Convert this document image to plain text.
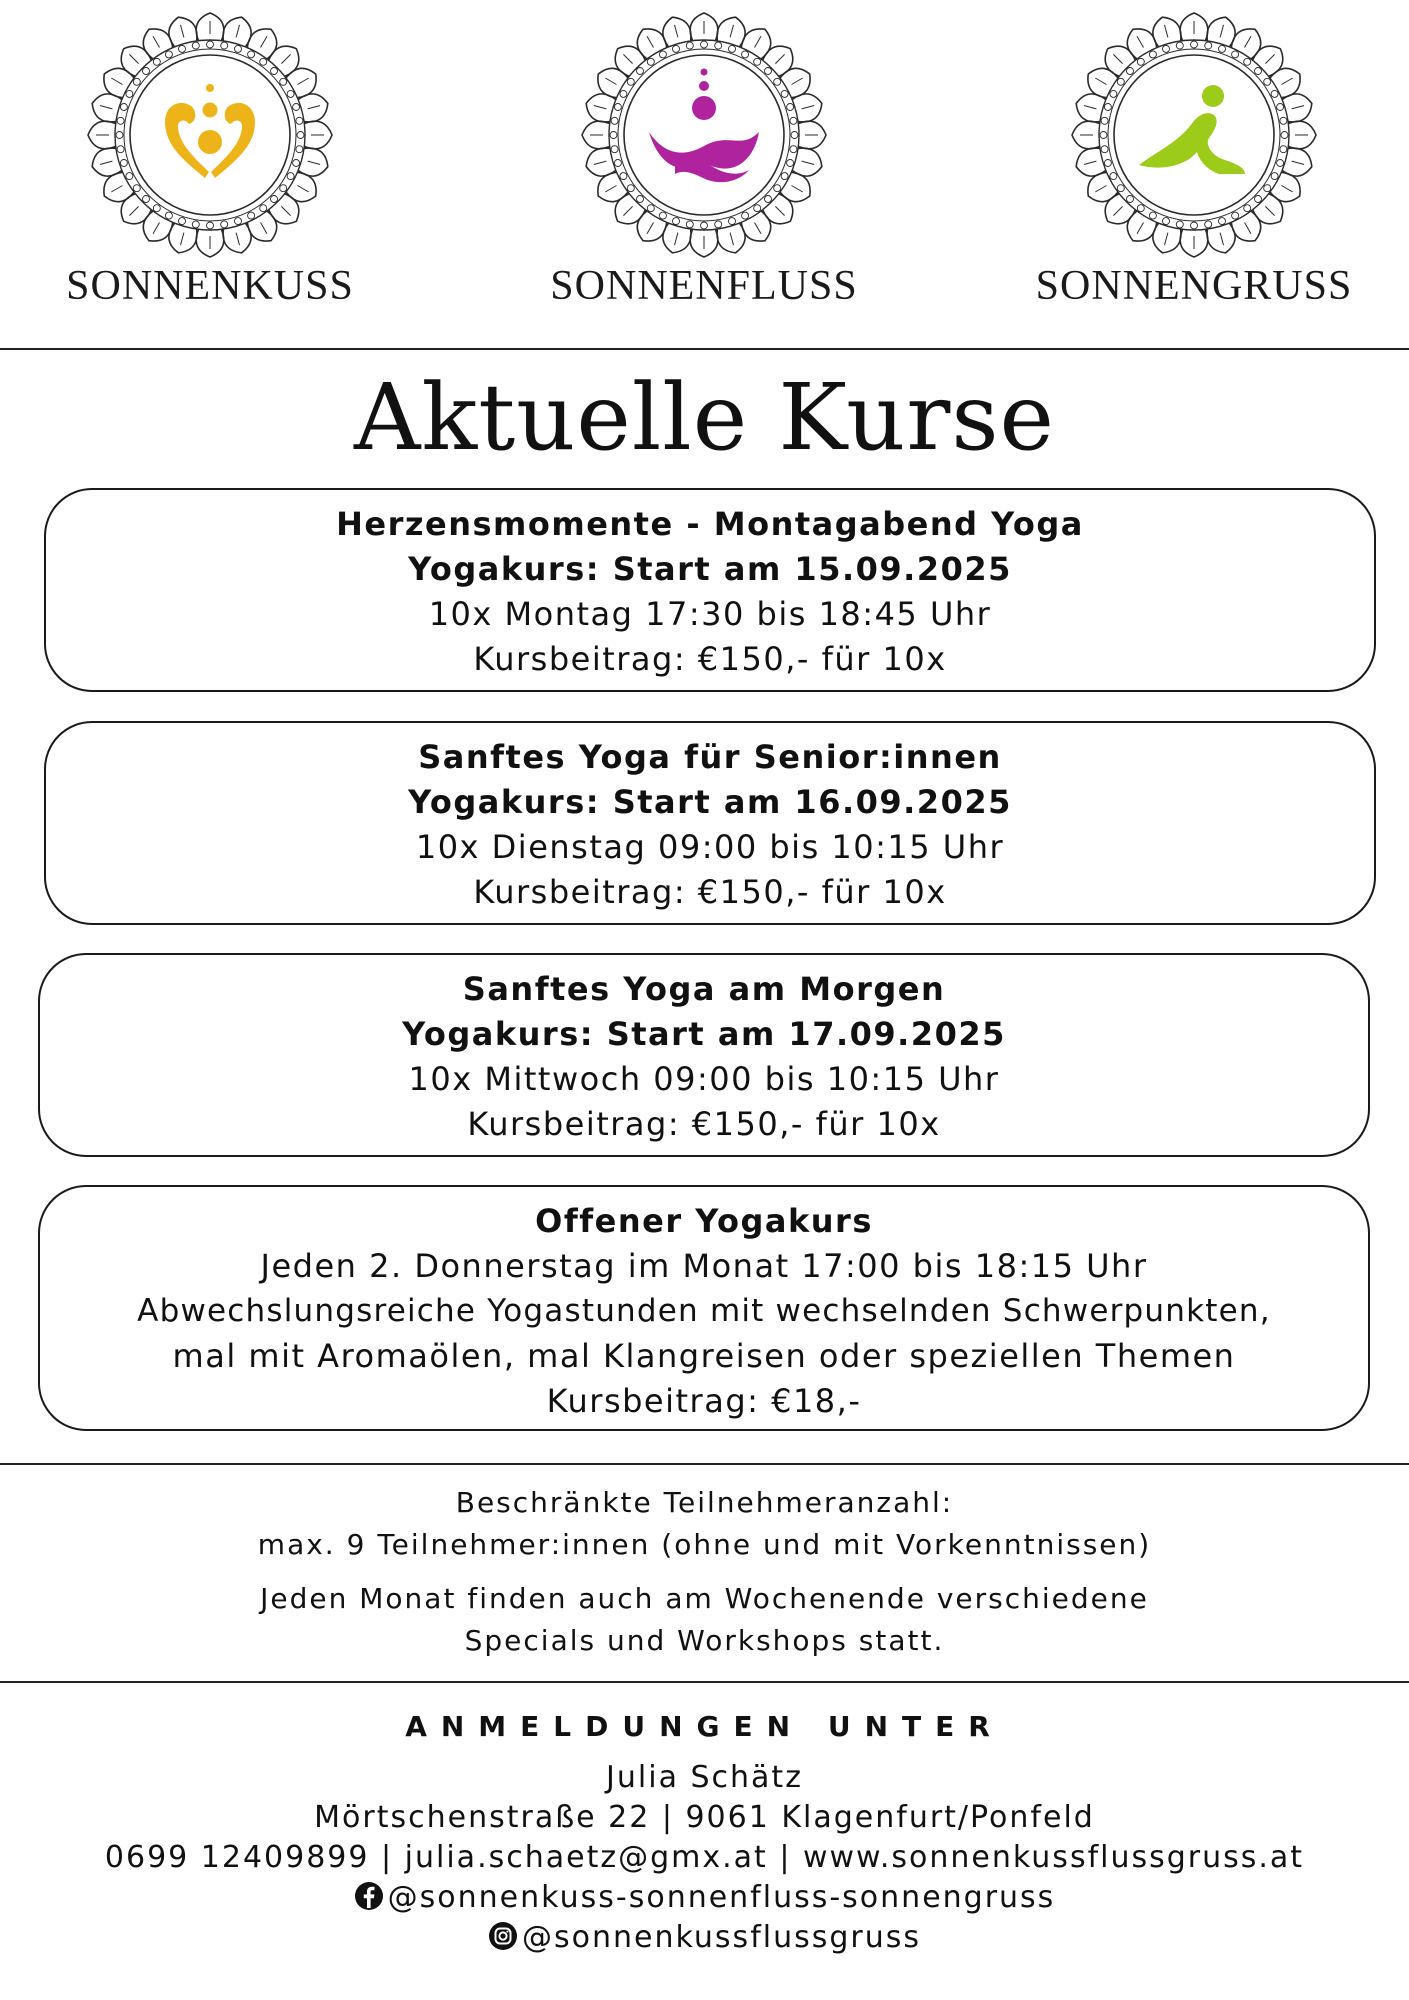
SONNENKUSS	SONNENFLUSS	SONNENGRUSS
Aktuelle Kurse
Herzensmomente - Montagabend Yoga
Yogakurs: Start am 15.09.2025
10x Montag 17:30 bis 18:45 Uhr
Kursbeitrag: €150,- für 10x
Sanftes Yoga für Senior:innen
Yogakurs: Start am 16.09.2025
10x Dienstag 09:00 bis 10:15 Uhr
Kursbeitrag: €150,- für 10x
Sanftes Yoga am Morgen
Yogakurs: Start am 17.09.2025
10x Mittwoch 09:00 bis 10:15 Uhr
Kursbeitrag: €150,- für 10x
Offener Yogakurs
Jeden 2. Donnerstag im Monat 17:00 bis 18:15 Uhr
Abwechslungsreiche Yogastunden mit wechselnden Schwerpunkten,
mal mit Aromaölen, mal Klangreisen oder speziellen Themen
Kursbeitrag: €18,-
Beschränkte Teilnehmeranzahl:
max. 9 Teilnehmer:innen (ohne und mit Vorkenntnissen)
Jeden Monat finden auch am Wochenende verschiedene
Specials und Workshops statt.
ANMELDUNGEN UNTER
Julia Schätz
Mörtschenstraße 22 | 9061 Klagenfurt/Ponfeld
0699 12409899 | julia.schaetz@gmx.at | www.sonnenkussflussgruss.at
@sonnenkuss-sonnenfluss-sonnengruss
@sonnenkussflussgruss
